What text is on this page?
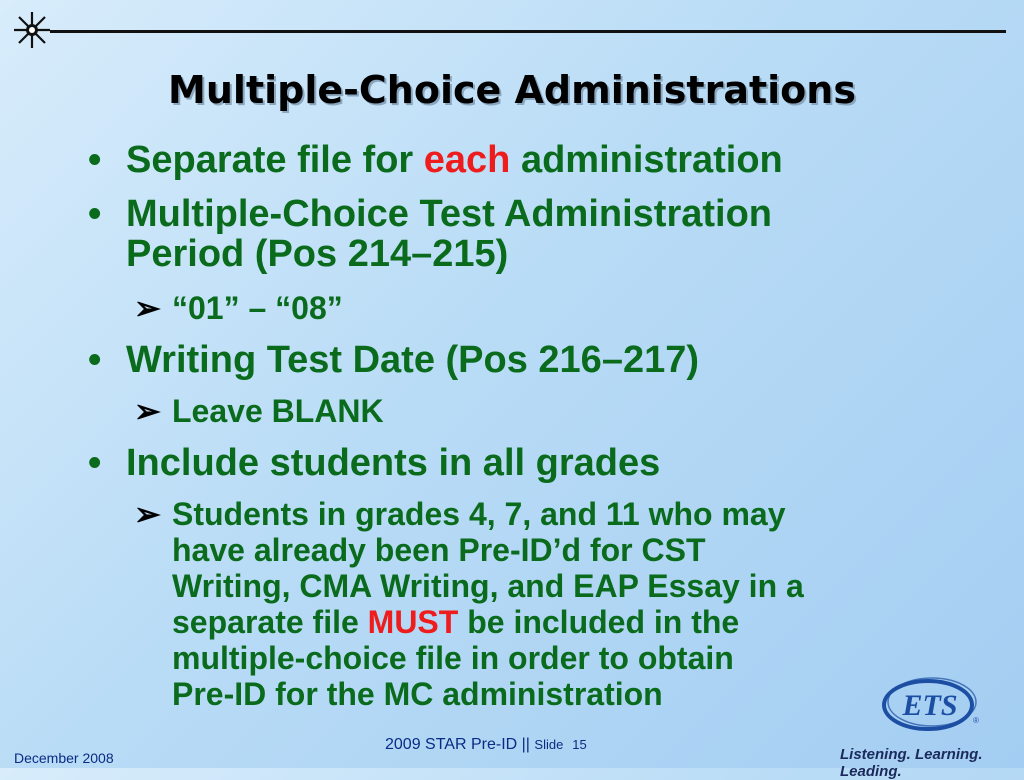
Multiple-Choice Administrations
• Separate file for each administration
• Multiple-Choice Test Administration
Period (Pos 214–215)
➢ “01” – “08”
• Writing Test Date (Pos 216–217)
➢ Leave BLANK
• Include students in all grades
➢ Students in grades 4, 7, and 11 who may
have already been Pre-ID’d for CST
Writing, CMA Writing, and EAP Essay in a
separate file MUST be included in the
multiple-choice file in order to obtain
Pre-ID for the MC administration	ETS ®
December 2008
2009 STAR Pre-ID || Slide 15
Listening. Learning. Leading.
